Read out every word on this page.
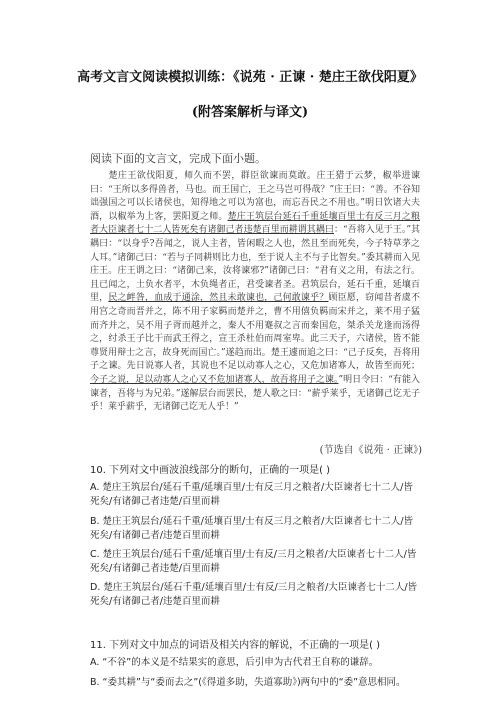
高考文言文阅读模拟训练：《说苑 · 正谏 · 楚庄王欲伐阳夏》
(附答案解析与译文)
阅读下面的文言文，完成下面小题。
  楚庄王欲伐阳夏，师久而不罢，群臣欲谏而莫敢。庄王猎于云梦，椒举进谏曰：“王所以多得兽者，马也。而王国亡，王之马岂可得哉？”庄王曰：“善。不谷知诎强国之可以长诸侯也，知得地之可以为富也，而忘吾民之不用也。”明日饮诸大夫酒，以椒举为上客，罢阳夏之师。楚庄王筑层台延石千重延壤百里士有反三月之粮者大臣谏者七十二人皆死矣有诸御己者违楚百里而耕谓其耦曰：“吾将入见于王。”其耦曰：“以身乎?吾闻之，说人主者，皆闲暇之人也，然且至而死矣，今子特草茅之人耳。”诸御己曰：“若与子同耕则比力也，至于说人主不与子比智矣。”委其耕而入见庄王。庄王谓之曰：“诸御己来，汝将谏邪?”诸御己曰：“君有义之用，有法之行。且已闻之，土负水者平，木负绳者正，君受谏者圣。君筑层台，延石千重，延壤百里，民之衅咎，血成于通涂，然且未敢谏也，己何敢谏乎？顾臣愿，窃闻昔者虞不用宫之奇而晋并之，陈不用子家羁而楚并之，曹不用僖负羁而宋并之，莱不用子猛而齐并之，吴不用子胥而越并之，秦人不用蹇叔之言而秦国危，桀杀关龙逢而汤得之，纣杀王子比干而武王得之，宣王杀杜伯而周室卑。此三天子，六诸侯，皆不能尊贤用辩士之言，故身死而国亡。”遂趋而出。楚王遽而追之曰：“己子反矣，吾将用子之谏。先日说寡人者，其说也不足以动寡人之心，又危加诸寡人，故皆至而死；今子之说，足以动寡人之心又不危加诸寡人，故吾将用子之谏。”明日令曰：“有能入谏者，吾将与为兄弟。”遂解层台而罢民，楚人歌之曰：“薪乎莱乎，无诸御己讫无子乎！莱乎薪乎，无诸御己讫无人乎！”
(节选自《说苑 · 正谏》)
10. 下列对文中画波浪线部分的断句，正确的一项是( )
A. 楚庄王筑层台/延石千重/延壤百里/士有反三月之粮者/大臣谏者七十二人/皆死矣/有诸御己者违楚/百里而耕
B. 楚庄王筑层台/延石千重/延壤百里/士有反三月之粮者/大臣谏者七十二人/皆死矣/有诸御己者/违楚百里而耕
C. 楚庄王筑层台/延石千重/延壤百里/士有反/三月之粮者/大臣谏者七十二人/皆死矣/有诸御己者违楚/百里而耕
D. 楚庄王筑层台/延石千重/延壤百里/士有反/三月之粮者/大臣谏者七十二人/皆死矣/有诸御己者/违楚百里而耕
11. 下列对文中加点的词语及相关内容的解说，不正确的一项是( )
A. “不谷”的本义是不结果实的意思，后引申为古代君王自称的谦辞。
B. “委其耕”与“委而去之”(《得道多助，失道寡助》)两句中的“委”意思相同。
